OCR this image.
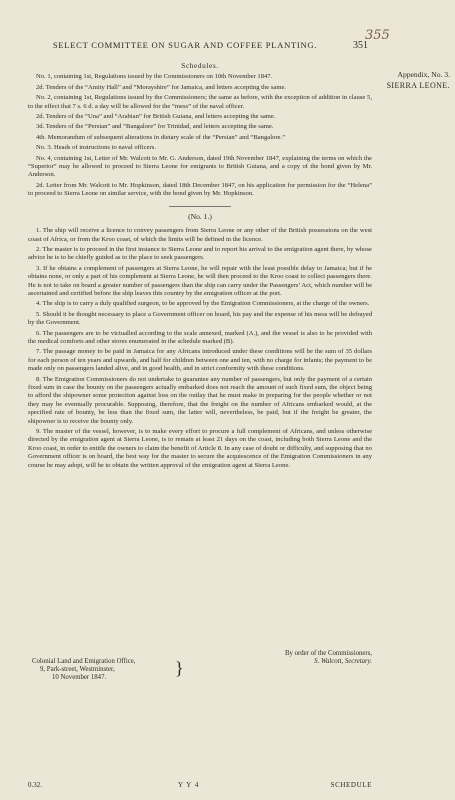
SELECT COMMITTEE ON SUGAR AND COFFEE PLANTING.	351
355
Appendix, No. 3.
SIERRA LEONE.
Schedules.

No. 1, containing 1st, Regulations issued by the Commissioners on 10th November 1847.

2d. Tenders of the “Amity Hall” and “Morayshire” for Jamaica, and letters accepting the same.

No. 2, containing 1st, Regulations issued by the Commissioners; the same as before, with the exception of addition in clause 5, to the effect that 7 s. 6 d. a day will be allowed for the “mess” of the naval officer.

2d. Tenders of the “Una” and “Arabian” for British Guiana, and letters accepting the same.

3d. Tenders of the “Persian” and “Bangalore” for Trinidad, and letters accepting the same.

4th. Memorandum of subsequent alterations in dietary scale of the “Persian” and “Bangalore.”

No. 3. Heads of instructions to naval officers.

No. 4, containing 1st, Letter of Mr. Walcott to Mr. G. Anderson, dated 19th November 1847, explaining the terms on which the “Superior” may be allowed to proceed to Sierra Leone for emigrants to British Guiana, and a copy of the bond given by Mr. Anderson.

2d. Letter from Mr. Walcott to Mr. Hopkinson, dated 18th December 1847, on his application for permission for the “Helena” to proceed to Sierra Leone on similar service, with the bond given by Mr. Hopkinson.

(No. 1.)

1. The ship will receive a licence to convey passengers from Sierra Leone or any other of the British possessions on the west coast of Africa, or from the Kroo coast, of which the limits will be defined in the licence.

2. The master is to proceed in the first instance to Sierra Leone and to report his arrival to the emigration agent there, by whose advice he is to be chiefly guided as to the place to seek passengers.

3. If he obtains a complement of passengers at Sierra Leone, he will repair with the least possible delay to Jamaica; but if he obtains none, or only a part of his complement at Sierra Leone, he will then proceed to the Kroo coast to collect passengers there. He is not to take on board a greater number of passengers than the ship can carry under the Passengers’ Act, which number will be ascertained and certified before the ship leaves this country by the emigration officer at the port.

4. The ship is to carry a duly qualified surgeon, to be approved by the Emigration Commissioners, at the charge of the owners.

5. Should it be thought necessary to place a Government officer on board, his pay and the expense of his mess will be defrayed by the Government.

6. The passengers are to be victualled according to the scale annexed, marked (A.), and the vessel is also to be provided with the medical comforts and other stores enumerated in the schedule marked (B).

7. The passage money to be paid in Jamaica for any Africans introduced under these conditions will be the sum of 35 dollars for each person of ten years and upwards, and half for children between one and ten, with no charge for infants; the payment to be made only on passengers landed alive, and in good health, and in strict conformity with these conditions.

8. The Emigration Commissioners do not undertake to guarantee any number of passengers, but only the payment of a certain fixed sum in case the bounty on the passengers actually embarked does not reach the amount of such fixed sum, the object being to afford the shipowner some protection against loss on the outlay that he must make in preparing for the people whether or not they may be eventually procurable. Supposing, therefore, that the freight on the number of Africans embarked would, at the specified rate of bounty, be less than the fixed sum, the latter will, nevertheless, be paid, but if the freight be greater, the shipowner is to receive the bounty only.

9. The master of the vessel, however, is to make every effort to procure a full complement of Africans, and unless otherwise directed by the emigration agent at Sierra Leone, is to remain at least 21 days on the coast, including both Sierra Leone and the Kroo coast, in order to entitle the owners to claim the benefit of Article 8. In any case of doubt or difficulty, and supposing that no Government officer is on board, the best way for the master to secure the acquiescence of the Emigration Commissioners in any course he may adopt, will be to obtain the written approval of the emigration agent at Sierra Leone.

By order of the Commissioners,
S. Walcott, Secretary.
Colonial Land and Emigration Office,
9, Park-street, Westminster,
10 November 1847.	}
0.32.	Y Y 4	SCHEDULE
